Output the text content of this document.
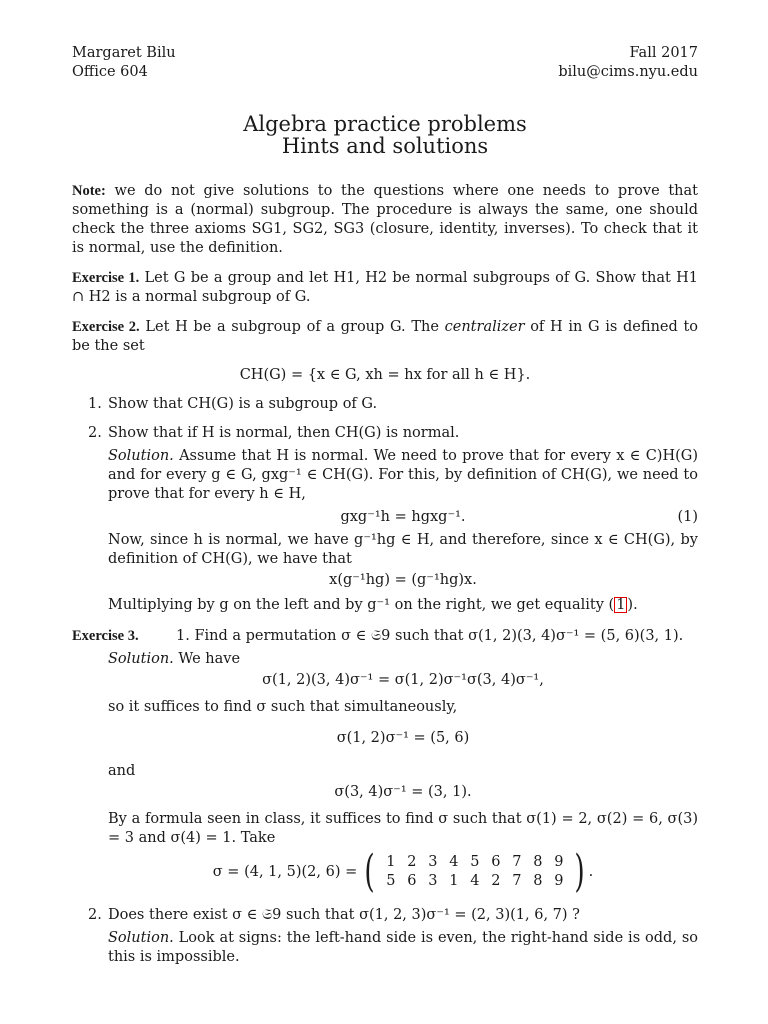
Margaret Bilu
Office 604
Fall 2017
bilu@cims.nyu.edu
Algebra practice problems
Hints and solutions

Note: we do not give solutions to the questions where one needs to prove that something is a (normal) subgroup. The procedure is always the same, one should check the three axioms SG1, SG2, SG3 (closure, identity, inverses). To check that it is normal, use the definition.

Exercise 1. Let G be a group and let H1, H2 be normal subgroups of G. Show that H1 ∩ H2 is a normal subgroup of G.

Exercise 2. Let H be a subgroup of a group G. The centralizer of H in G is defined to be the set

CH(G) = {x ∈ G, xh = hx for all h ∈ H}.
1. Show that CH(G) is a subgroup of G.
2. Show that if H is normal, then CH(G) is normal.

Solution. Assume that H is normal. We need to prove that for every x ∈ C)H(G) and for every g ∈ G, gxg⁻¹ ∈ CH(G). For this, by definition of CH(G), we need to prove that for every h ∈ H,

gxg⁻¹h = hgxg⁻¹.	(1)

Now, since h is normal, we have g⁻¹hg ∈ H, and therefore, since x ∈ CH(G), by definition of CH(G), we have that

x(g⁻¹hg) = (g⁻¹hg)x.

Multiplying by g on the left and by g⁻¹ on the right, we get equality ( 1 ).

Exercise 3.	1. Find a permutation σ ∈ 𝔖9 such that σ(1, 2)(3, 4)σ⁻¹ = (5, 6)(3, 1).

Solution. We have

σ(1, 2)(3, 4)σ⁻¹ = σ(1, 2)σ⁻¹σ(3, 4)σ⁻¹,

so it suffices to find σ such that simultaneously,

σ(1, 2)σ⁻¹ = (5, 6)

and

σ(3, 4)σ⁻¹ = (3, 1).

By a formula seen in class, it suffices to find σ such that σ(1) = 2, σ(2) = 6, σ(3) = 3 and σ(4) = 1. Take

σ = (4, 1, 5)(2, 6) = ( 1 2 3 4 5 6 7 8 9
5 6 3 1 4 2 7 8 9 ) .
2. Does there exist σ ∈ 𝔖9 such that σ(1, 2, 3)σ⁻¹ = (2, 3)(1, 6, 7) ?

Solution. Look at signs: the left-hand side is even, the right-hand side is odd, so this is impossible.
